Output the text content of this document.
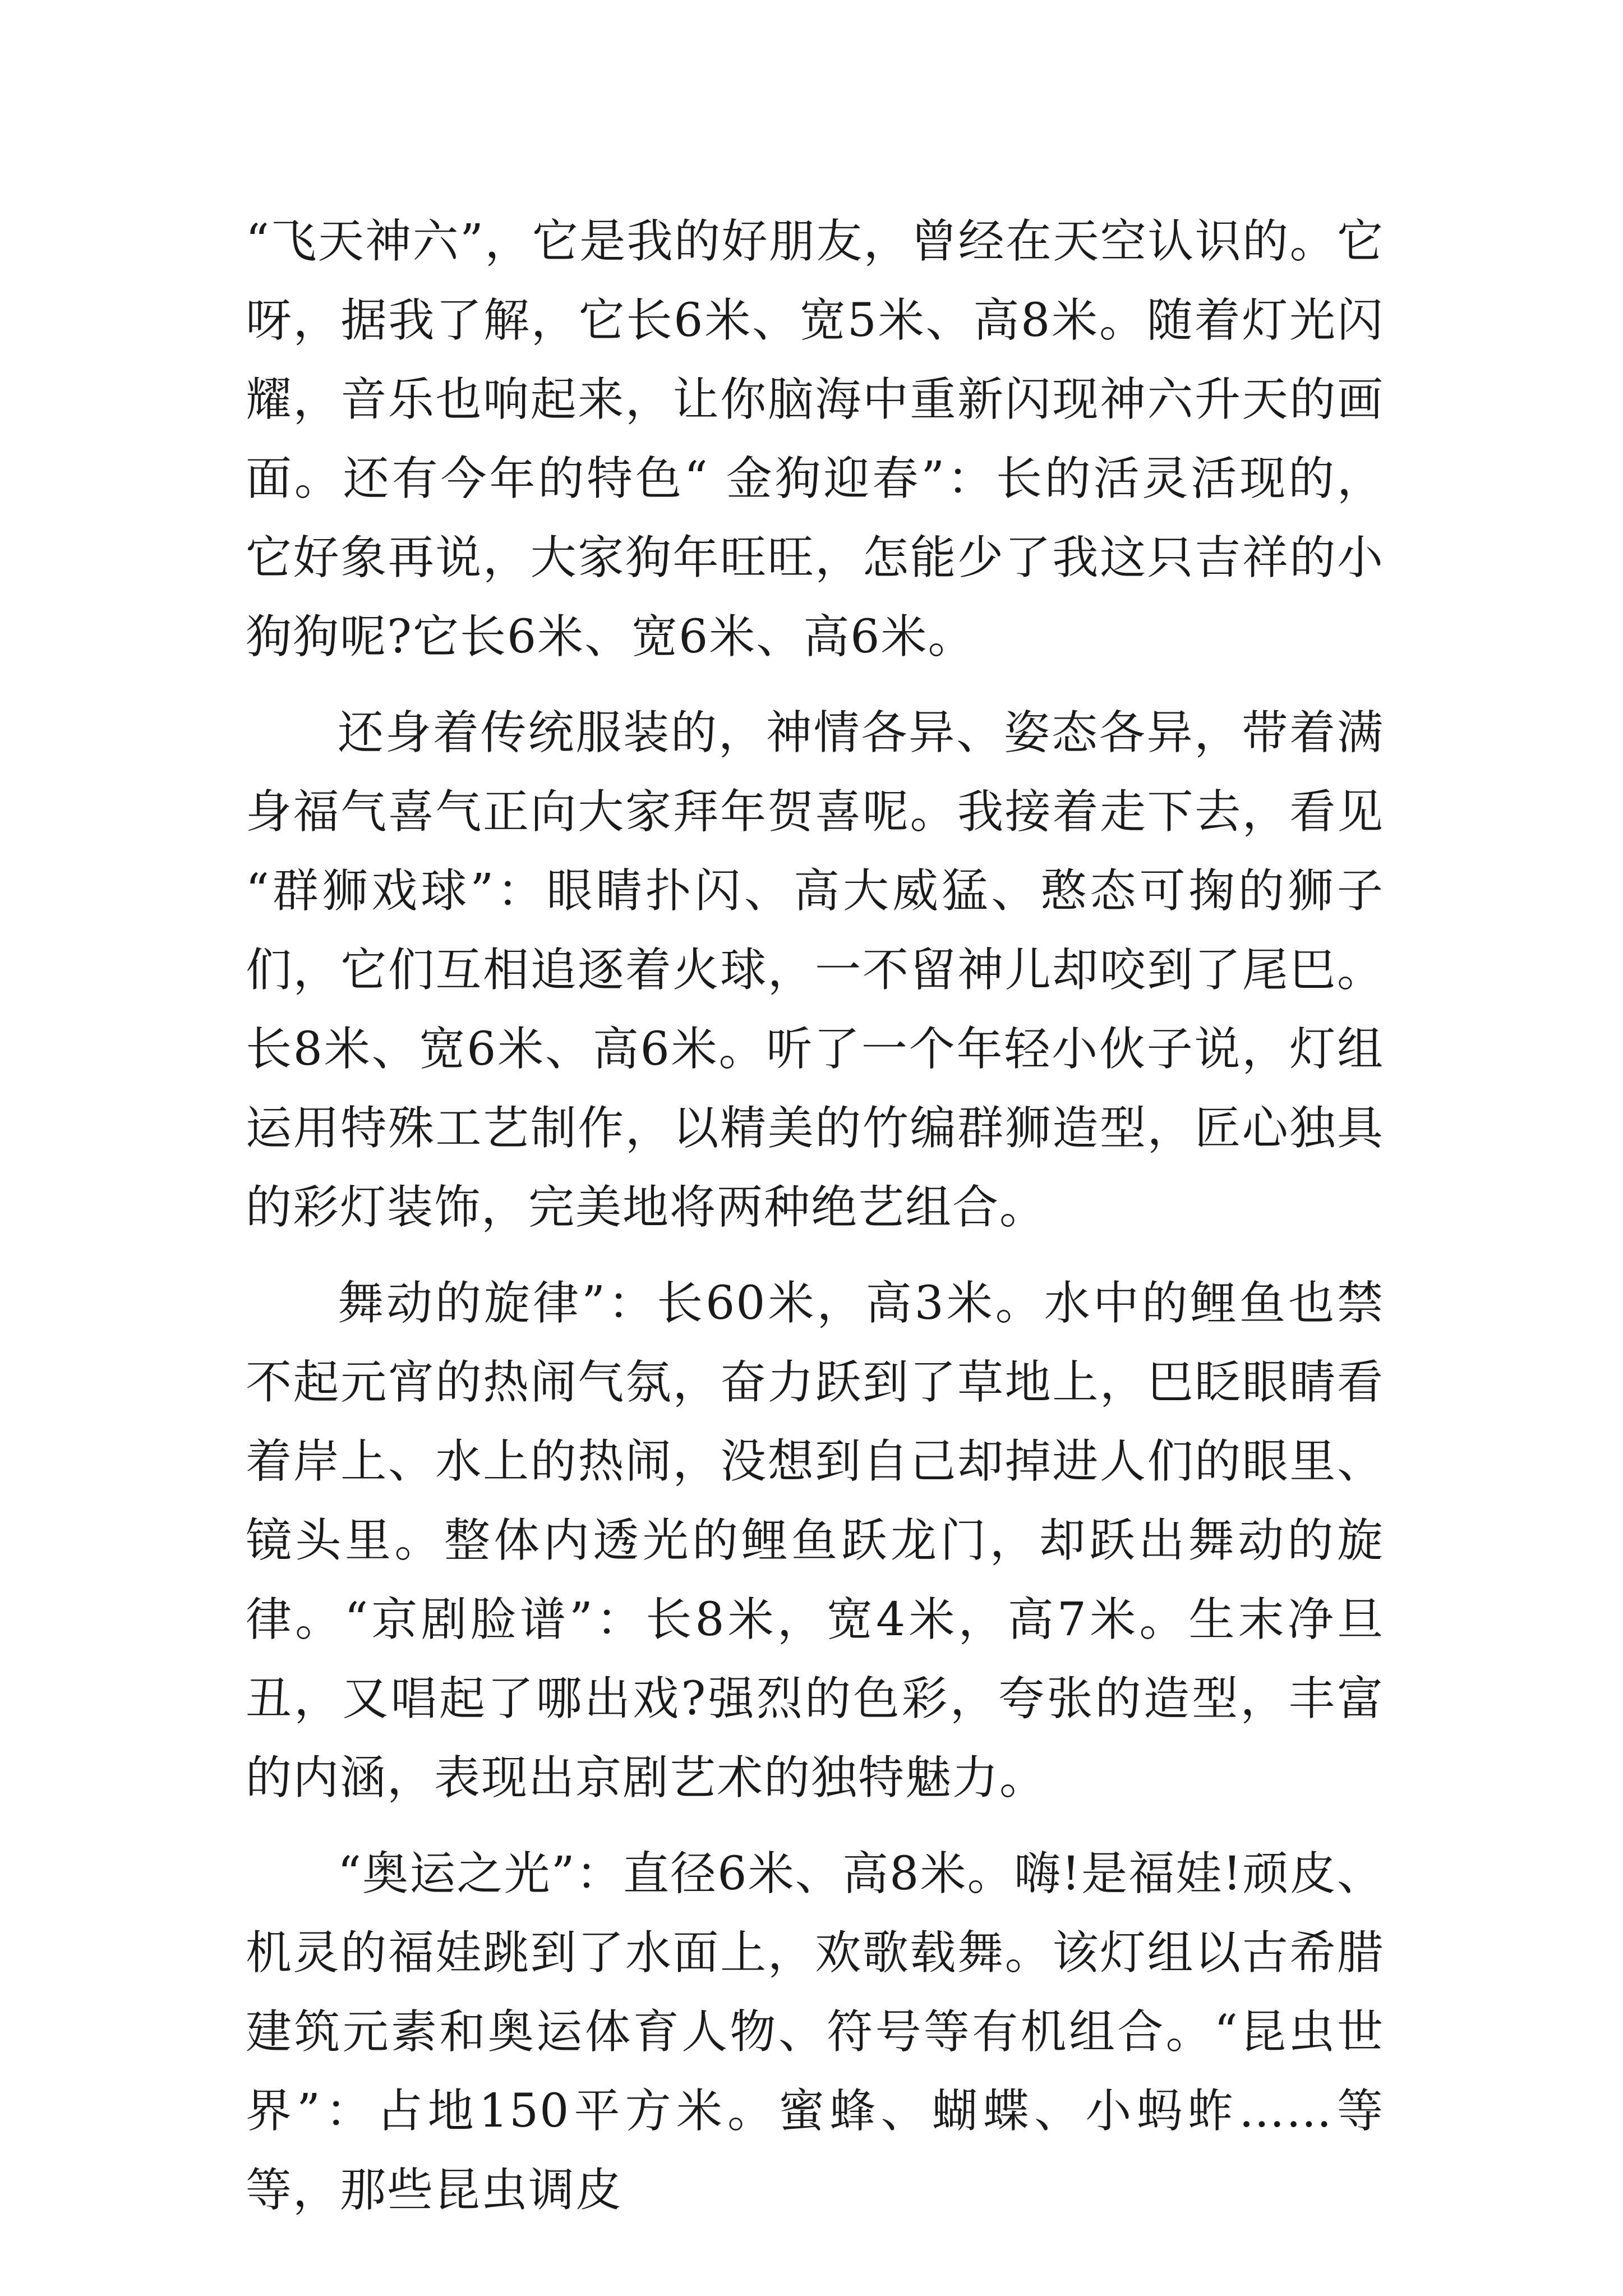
“飞天神六”，它是我的好朋友，曾经在天空认识的。它呀，据我了解，它长6米、宽5米、高8米。随着灯光闪耀，音乐也响起来，让你脑海中重新闪现神六升天的画面。还有今年的特色“ 金狗迎春”：长的活灵活现的，它好象再说，大家狗年旺旺，怎能少了我这只吉祥的小狗狗呢?它长6米、宽6米、高6米。

还身着传统服装的，神情各异、姿态各异，带着满身福气喜气正向大家拜年贺喜呢。我接着走下去，看见 “群狮戏球”：眼睛扑闪、高大威猛、憨态可掬的狮子们，它们互相追逐着火球，一不留神儿却咬到了尾巴。长8米、宽6米、高6米。听了一个年轻小伙子说，灯组运用特殊工艺制作，以精美的竹编群狮造型，匠心独具的彩灯装饰，完美地将两种绝艺组合。

舞动的旋律”：长60米，高3米。水中的鲤鱼也禁不起元宵的热闹气氛，奋力跃到了草地上，巴眨眼睛看着岸上、水上的热闹，没想到自己却掉进人们的眼里、镜头里。整体内透光的鲤鱼跃龙门，却跃出舞动的旋律。“京剧脸谱”：长8米，宽4米，高7米。生末净旦丑，又唱起了哪出戏?强烈的色彩，夸张的造型，丰富的内涵，表现出京剧艺术的独特魅力。

“奥运之光”：直径6米、高8米。嗨!是福娃!顽皮、机灵的福娃跳到了水面上，欢歌载舞。该灯组以古希腊建筑元素和奥运体育人物、符号等有机组合。“昆虫世界”：占地150平方米。蜜蜂、蝴蝶、小蚂蚱……等等，那些昆虫调皮
